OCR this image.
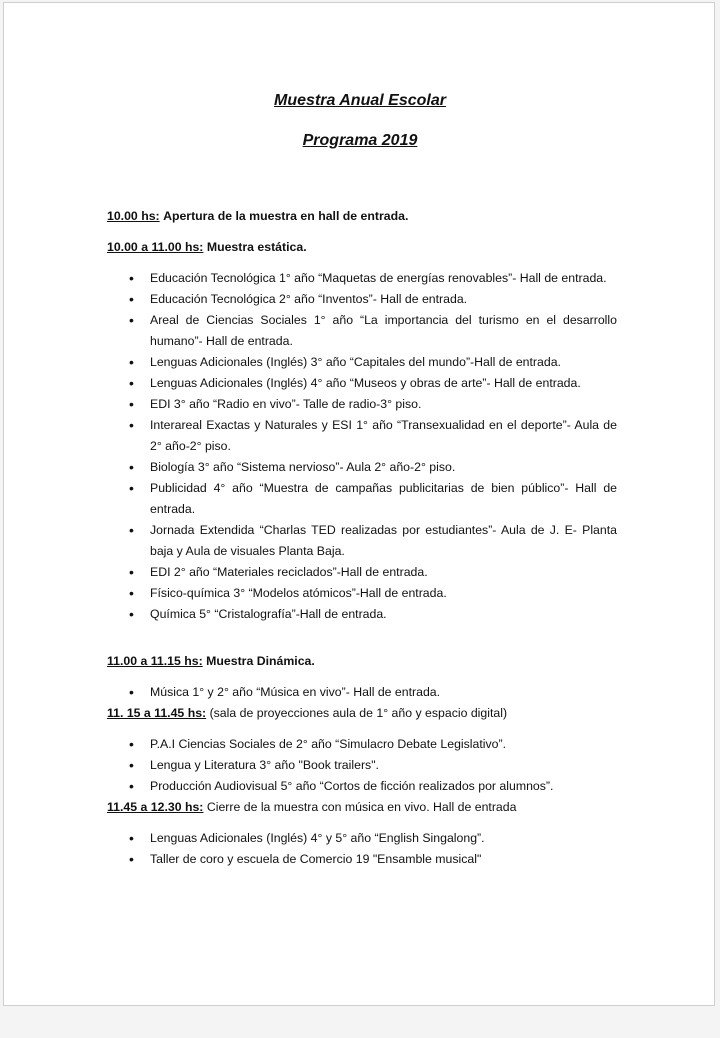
Muestra Anual Escolar
Programa 2019

10.00 hs: Apertura de la muestra en hall de entrada.

10.00 a 11.00 hs: Muestra estática.

• Educación Tecnológica 1° año “Maquetas de energías renovables”- Hall de entrada.
• Educación Tecnológica 2° año “Inventos”- Hall de entrada.
• Areal de Ciencias Sociales 1° año “La importancia del turismo en el desarrollo humano”- Hall de entrada.
• Lenguas Adicionales (Inglés) 3° año “Capitales del mundo”-Hall de entrada.
• Lenguas Adicionales (Inglés) 4° año “Museos y obras de arte”- Hall de entrada.
• EDI 3° año “Radio en vivo”- Talle de radio-3° piso.
• Interareal Exactas y Naturales y ESI 1° año “Transexualidad en el deporte”- Aula de 2° año-2° piso.
• Biología 3° año “Sistema nervioso”- Aula 2° año-2° piso.
• Publicidad 4° año “Muestra de campañas publicitarias de bien público”- Hall de entrada.
• Jornada Extendida “Charlas TED realizadas por estudiantes”- Aula de J. E- Planta baja y Aula de visuales Planta Baja.
• EDI 2° año “Materiales reciclados”-Hall de entrada.
• Físico-química 3° “Modelos atómicos”-Hall de entrada.
• Química 5° “Cristalografía”-Hall de entrada.

11.00 a 11.15 hs: Muestra Dinámica.

• Música 1° y 2° año “Música en vivo”- Hall de entrada.

11. 15 a 11.45 hs: (sala de proyecciones aula de 1° año y espacio digital)

• P.A.I Ciencias Sociales de 2° año “Simulacro Debate Legislativo”.
• Lengua y Literatura 3° año "Book trailers".
• Producción Audiovisual 5° año “Cortos de ficción realizados por alumnos”.

11.45 a 12.30 hs: Cierre de la muestra con música en vivo. Hall de entrada

• Lenguas Adicionales (Inglés) 4° y 5° año “English Singalong”.
• Taller de coro y escuela de Comercio 19 "Ensamble musical"
